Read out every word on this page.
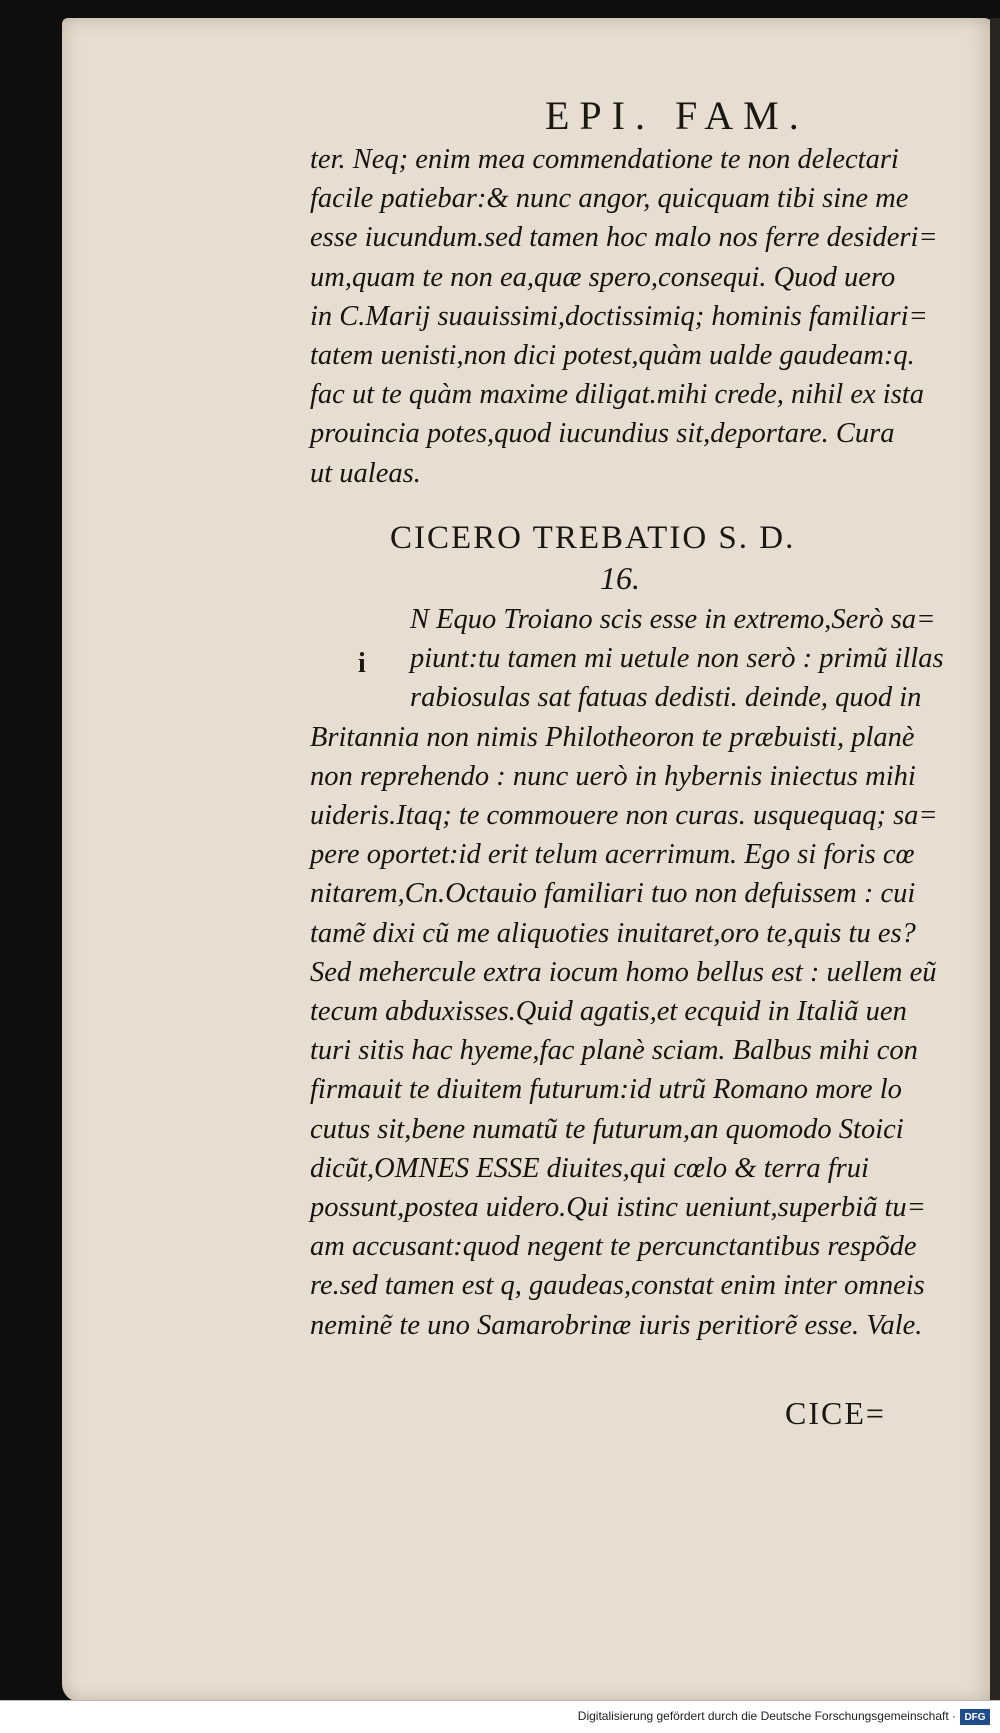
EPI. FAM.
ter. Neq; enim mea commendatione te non delectari
facile patiebar:& nunc angor, quicquam tibi sine me
esse iucundum.sed tamen hoc malo nos ferre desideri=
um,quam te non ea,quæ spero,consequi. Quod uero
in C.Marij suauissimi,doctissimiq; hominis familiari=
tatem uenisti,non dici potest,quàm ualde gaudeam:q.
fac ut te quàm maxime diligat.mihi crede, nihil ex ista
prouincia potes,quod iucundius sit,deportare. Cura
ut ualeas.
CICERO TREBATIO S. D.
16.
i
N Equo Troiano scis esse in extremo,Serò sa=
piunt:tu tamen mi uetule non serò : primũ illas
rabiosulas sat fatuas dedisti. deinde, quod in
Britannia non nimis Philotheoron te præbuisti, planè
non reprehendo : nunc uerò in hybernis iniectus mihi
uideris.Itaq; te commouere non curas. usquequaq; sa=
pere oportet:id erit telum acerrimum. Ego si foris cœ
nitarem,Cn.Octauio familiari tuo non defuissem : cui
tamẽ dixi cũ me aliquoties inuitaret,oro te,quis tu es?
Sed mehercule extra iocum homo bellus est : uellem eũ
tecum abduxisses.Quid agatis,et ecquid in Italiã uen
turi sitis hac hyeme,fac planè sciam. Balbus mihi con
firmauit te diuitem futurum:id utrũ Romano more lo
cutus sit,bene numatũ te futurum,an quomodo Stoici
dicũt,OMNES ESSE diuites,qui cœlo & terra frui
possunt,postea uidero.Qui istinc ueniunt,superbiã tu=
am accusant:quod negent te percunctantibus respõde
re.sed tamen est q, gaudeas,constat enim inter omneis
neminẽ te uno Samarobrinæ iuris peritiorẽ esse. Vale.
CICE=
Digitalisierung gefördert durch die Deutsche Forschungsgemeinschaft · DFG
